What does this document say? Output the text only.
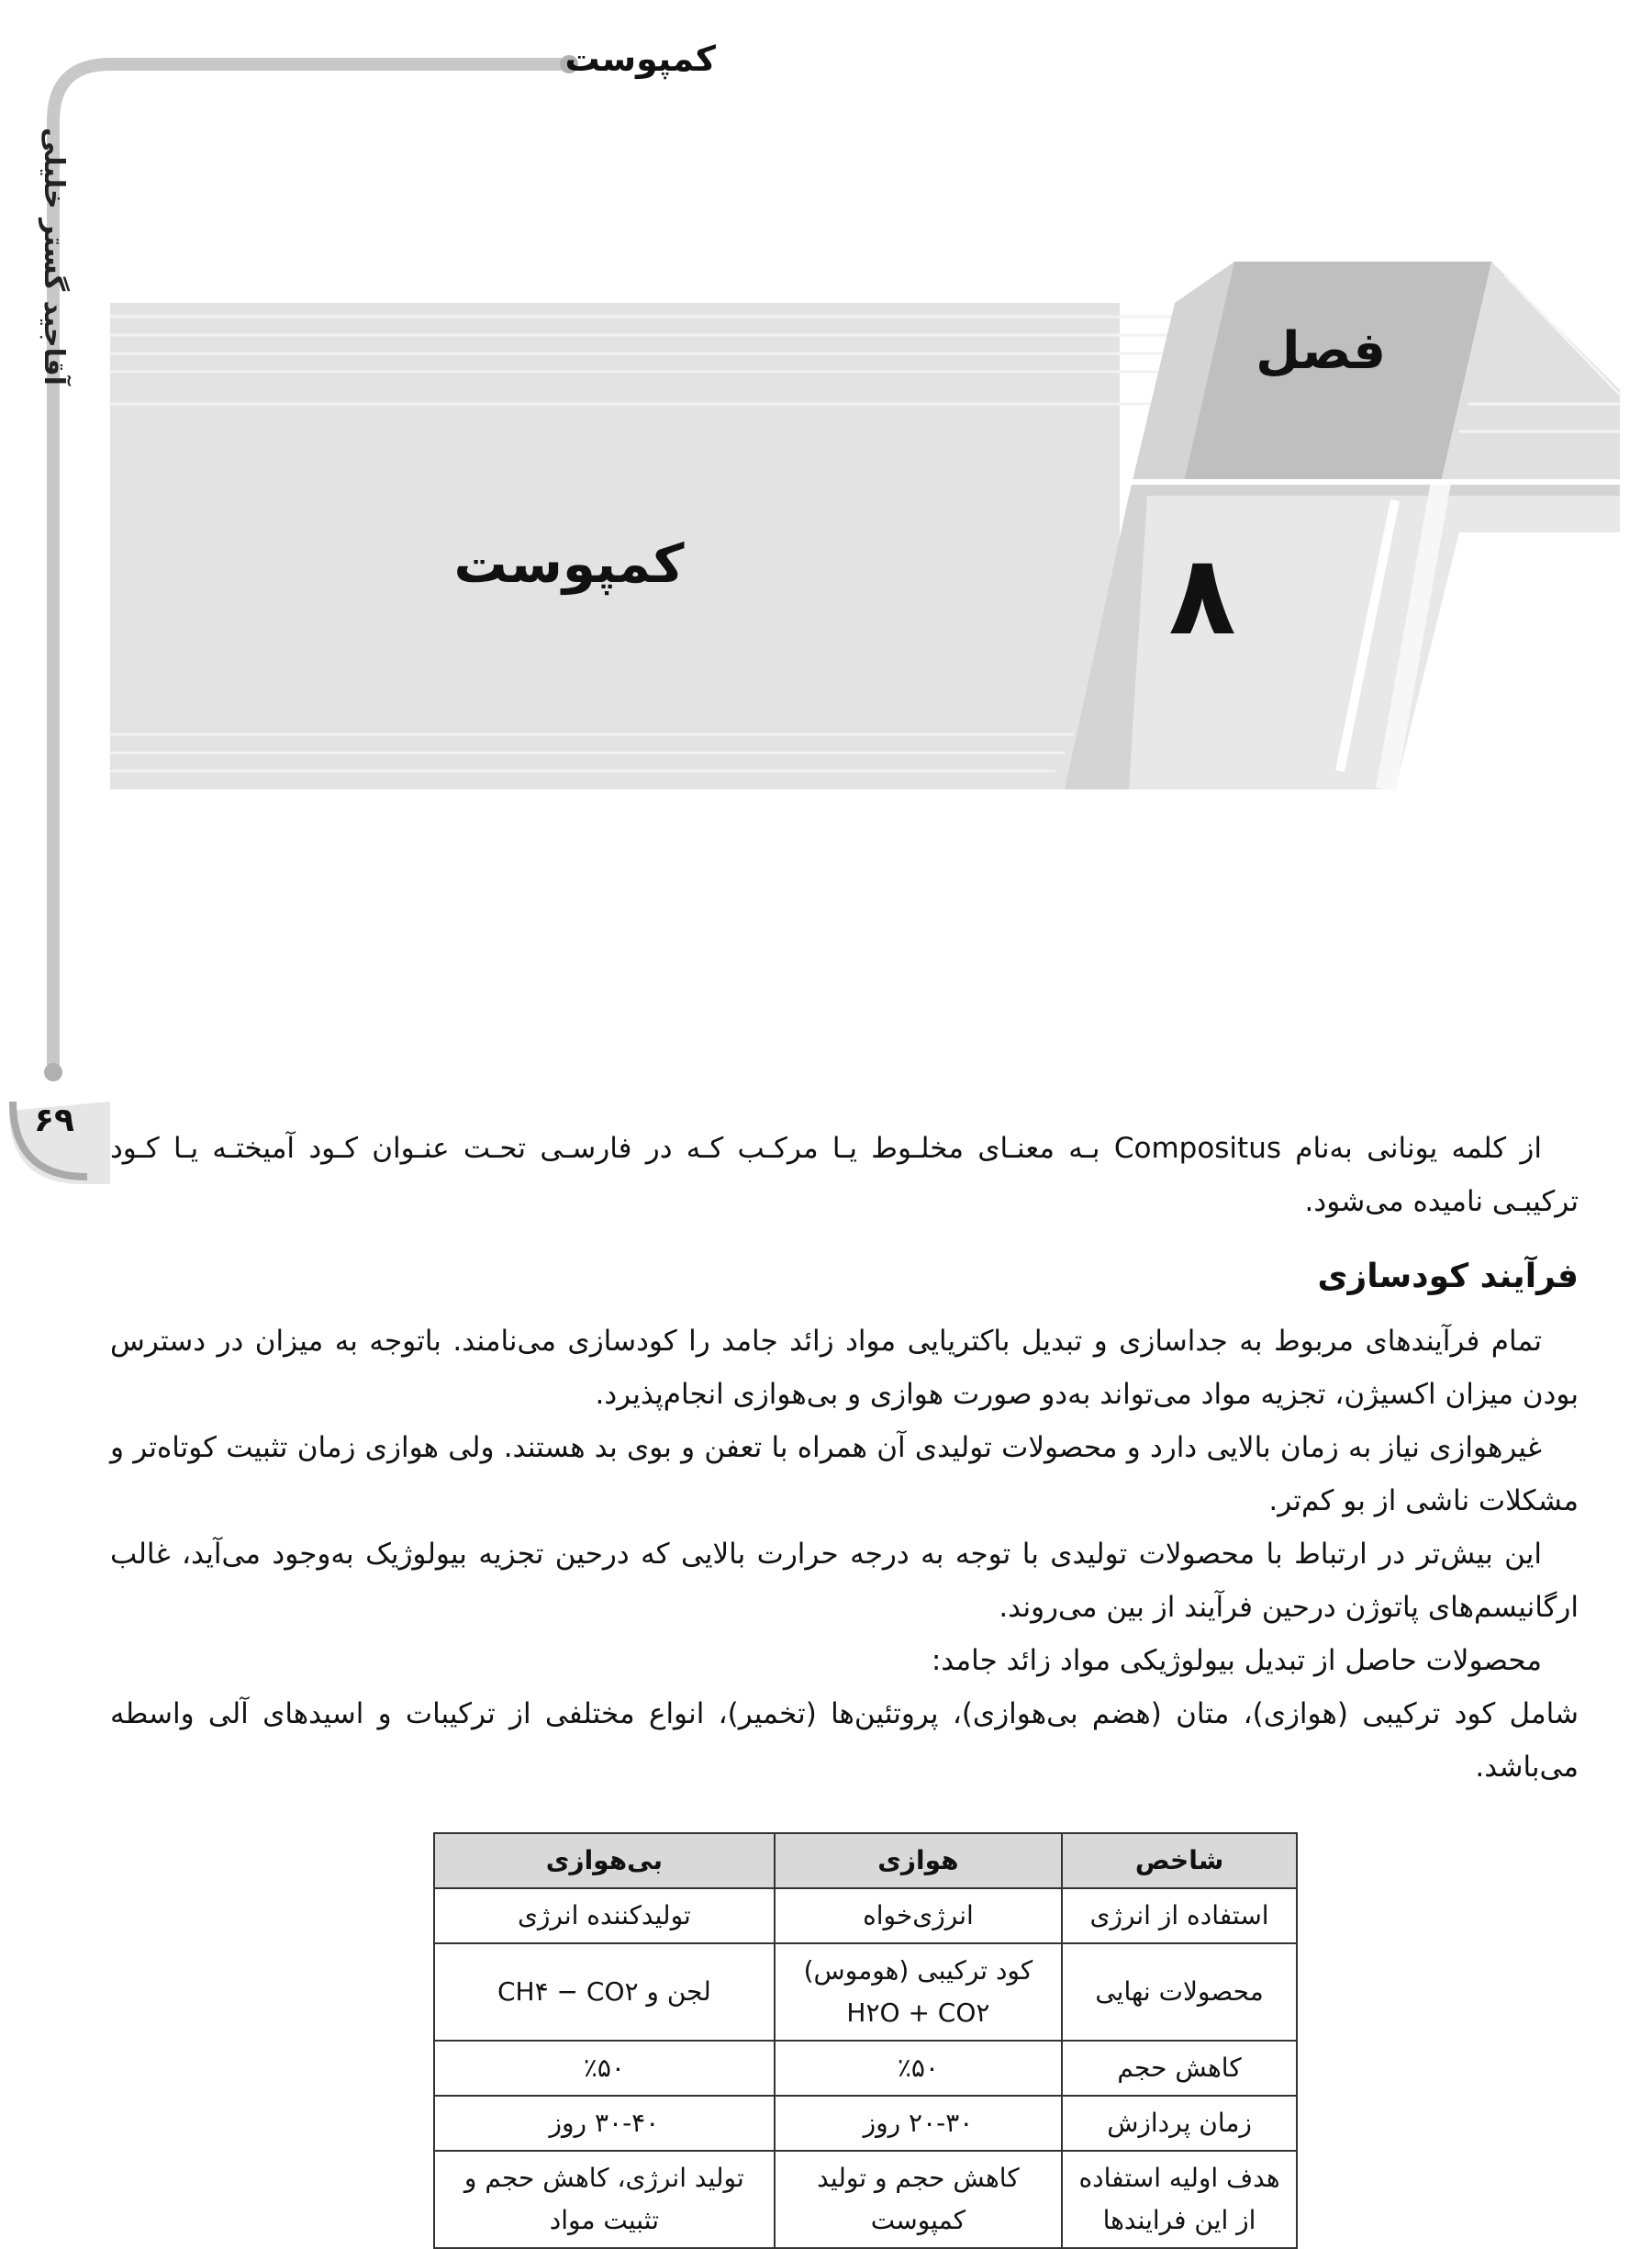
کمپوست
آقاجید گستر خلیلی
۶۹
فصل
۸
کمپوست

از کلمه یونانی به‌نام Compositus بـه معنـای مخلـوط یـا مرکـب کـه در فارسـی تحـت عنـوان کـود آمیختـه یـا کـود ترکیبـی نامیده می‌شود.

فرآیند کودسازی

تمام فرآیندهای مربوط به جداسازی و تبدیل باکتریایی مواد زائد جامد را کودسازی می‌نامند. باتوجه به میزان در دسترس بودن میزان اکسیژن، تجزیه مواد می‌تواند به‌دو صورت هوازی و بی‌هوازی انجام‌پذیرد.

غیرهوازی نیاز به زمان بالایی دارد و محصولات تولیدی آن همراه با تعفن و بوی بد هستند. ولی هوازی زمان تثبیت کوتاه‌تر و مشکلات ناشی از بو کم‌تر.

این بیش‌تر در ارتباط با محصولات تولیدی با توجه به درجه حرارت بالایی که درحین تجزیه بیولوژیک به‌وجود می‌آید، غالب ارگانیسم‌های پاتوژن درحین فرآیند از بین می‌روند.

محصولات حاصل از تبدیل بیولوژیکی مواد زائد جامد:

شامل کود ترکیبی (هوازی)، متان (هضم بی‌هوازی)، پروتئین‌ها (تخمیر)، انواع مختلفی از ترکیبات و اسیدهای آلی واسطه می‌باشد.

شاخص	هوازی	بی‌هوازی
استفاده از انرژی	انرژی‌خواه	تولیدکننده انرژی
محصولات نهایی	کود ترکیبی (هوموس) H۲O + CO۲	لجن و CH۴ − CO۲
کاهش حجم	٪۵۰	٪۵۰
زمان پردازش	۲۰-۳۰ روز	۳۰-۴۰ روز
هدف اولیه استفاده از این فرایندها	کاهش حجم و تولید کمپوست	تولید انرژی، کاهش حجم و تثبیت مواد
